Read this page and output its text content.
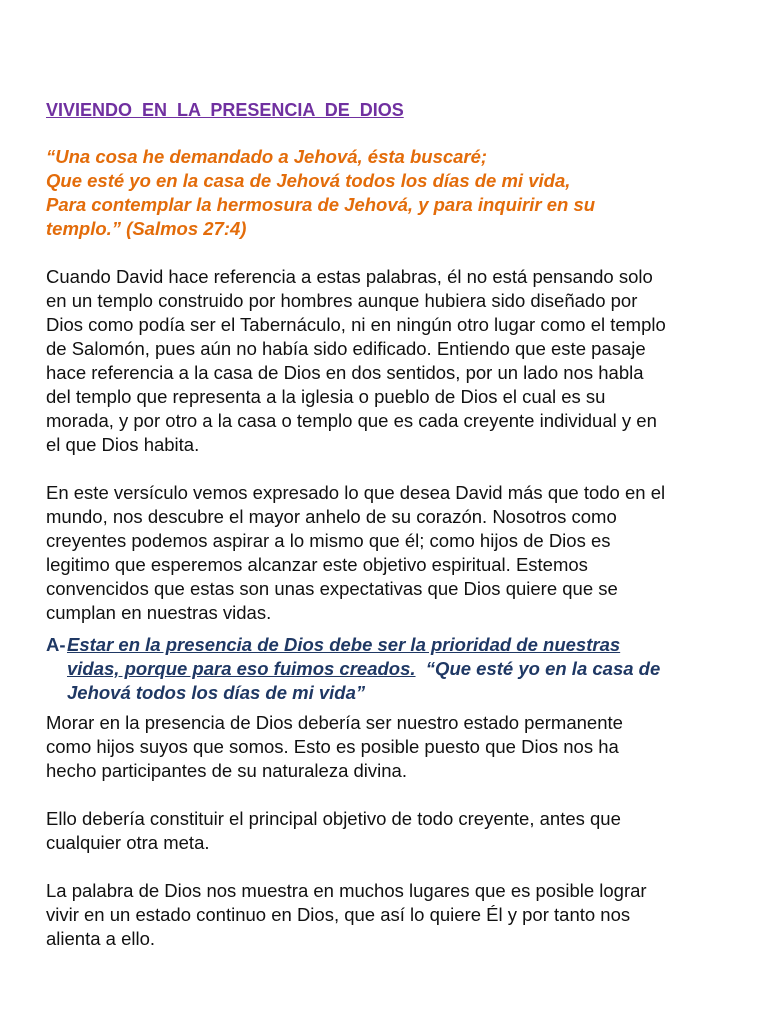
VIVIENDO EN LA PRESENCIA DE DIOS
“Una cosa he demandado a Jehová, ésta buscaré;
Que esté yo en la casa de Jehová todos los días de mi vida,
Para contemplar la hermosura de Jehová, y para inquirir en su
templo.” (Salmos 27:4)
Cuando David hace referencia a estas palabras, él no está pensando solo
en un templo construido por hombres aunque hubiera sido diseñado por
Dios como podía ser el Tabernáculo, ni en ningún otro lugar como el templo
de Salomón, pues aún no había sido edificado. Entiendo que este pasaje
hace referencia a la casa de Dios en dos sentidos, por un lado nos habla
del templo que representa a la iglesia o pueblo de Dios el cual es su
morada, y por otro a la casa o templo que es cada creyente individual y en
el que Dios habita.
En este versículo vemos expresado lo que desea David más que todo en el
mundo, nos descubre el mayor anhelo de su corazón. Nosotros como
creyentes podemos aspirar a lo mismo que él; como hijos de Dios es
legitimo que esperemos alcanzar este objetivo espiritual. Estemos
convencidos que estas son unas expectativas que Dios quiere que se
cumplan en nuestras vidas.
A- Estar en la presencia de Dios debe ser la prioridad de nuestras
vidas, porque para eso fuimos creados.  “Que esté yo en la casa de
Jehová todos los días de mi vida”
Morar en la presencia de Dios debería ser nuestro estado permanente
como hijos suyos que somos. Esto es posible puesto que Dios nos ha
hecho participantes de su naturaleza divina.
Ello debería constituir el principal objetivo de todo creyente, antes que
cualquier otra meta.
La palabra de Dios nos muestra en muchos lugares que es posible lograr
vivir en un estado continuo en Dios, que así lo quiere Él y por tanto nos
alienta a ello.
